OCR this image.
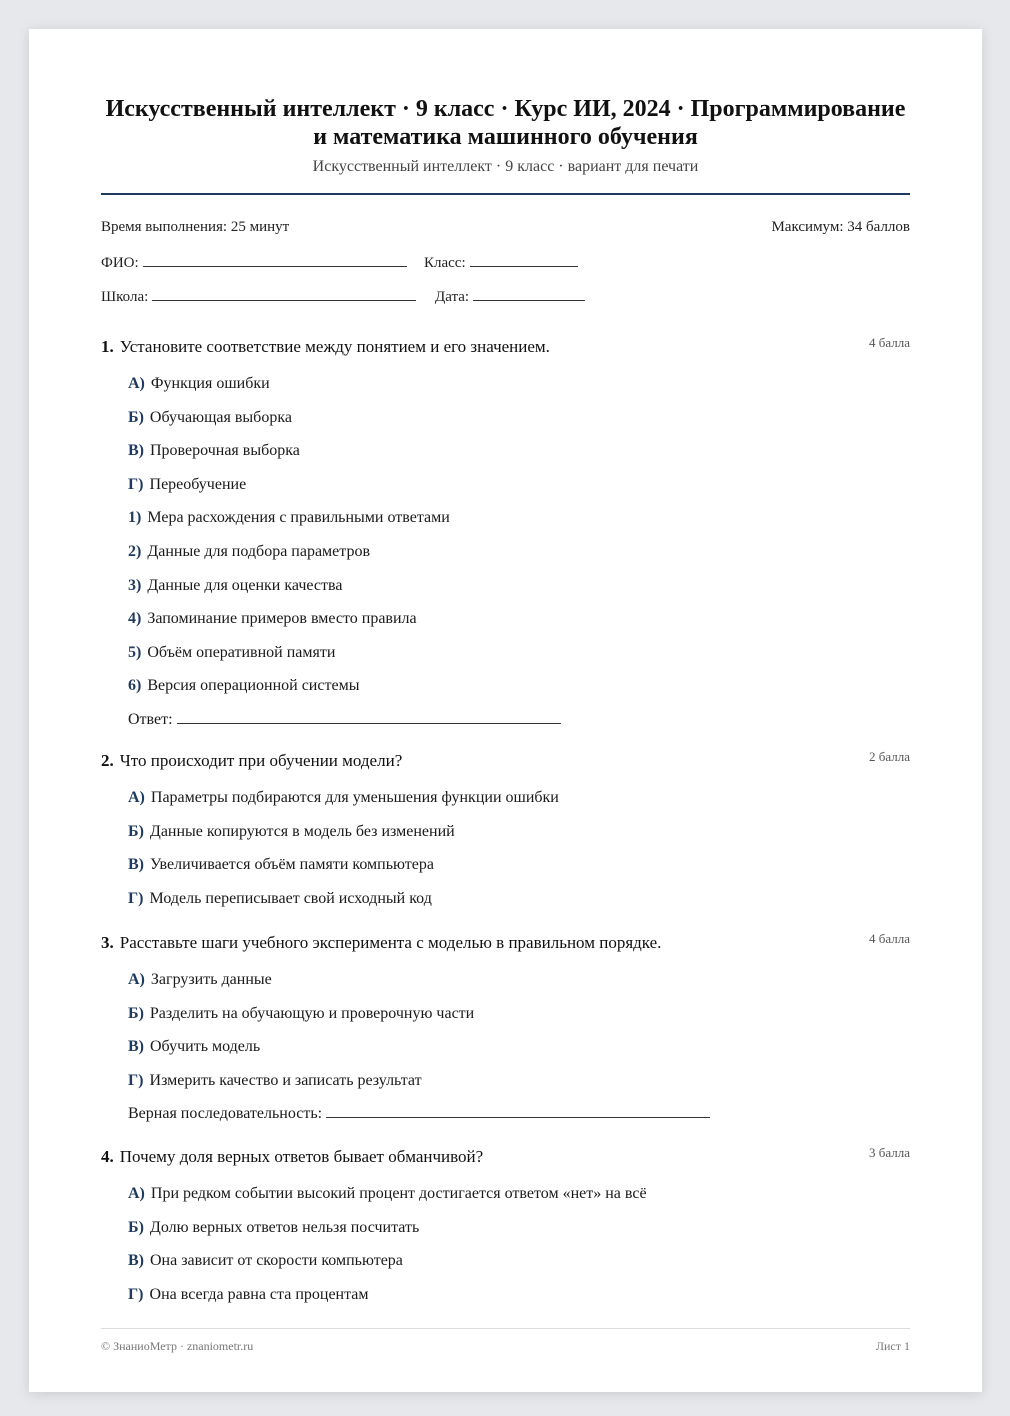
Искусственный интеллект · 9 класс · Курс ИИ, 2024 · Программирование
и математика машинного обучения
Искусственный интеллект · 9 класс · вариант для печати
Время выполнения: 25 минут	Максимум: 34 баллов
ФИО:	Класс:
Школа:	Дата:
1. Установите соответствие между понятием и его значением.	4 балла
А) Функция ошибки
Б) Обучающая выборка
В) Проверочная выборка
Г) Переобучение
1) Мера расхождения с правильными ответами
2) Данные для подбора параметров
3) Данные для оценки качества
4) Запоминание примеров вместо правила
5) Объём оперативной памяти
6) Версия операционной системы
Ответ:
2. Что происходит при обучении модели?	2 балла
А) Параметры подбираются для уменьшения функции ошибки
Б) Данные копируются в модель без изменений
В) Увеличивается объём памяти компьютера
Г) Модель переписывает свой исходный код
3. Расставьте шаги учебного эксперимента с моделью в правильном порядке.	4 балла
А) Загрузить данные
Б) Разделить на обучающую и проверочную части
В) Обучить модель
Г) Измерить качество и записать результат
Верная последовательность:
4. Почему доля верных ответов бывает обманчивой?	3 балла
А) При редком событии высокий процент достигается ответом «нет» на всё
Б) Долю верных ответов нельзя посчитать
В) Она зависит от скорости компьютера
Г) Она всегда равна ста процентам
© ЗнаниоМетр · znaniometr.ru	Лист 1
